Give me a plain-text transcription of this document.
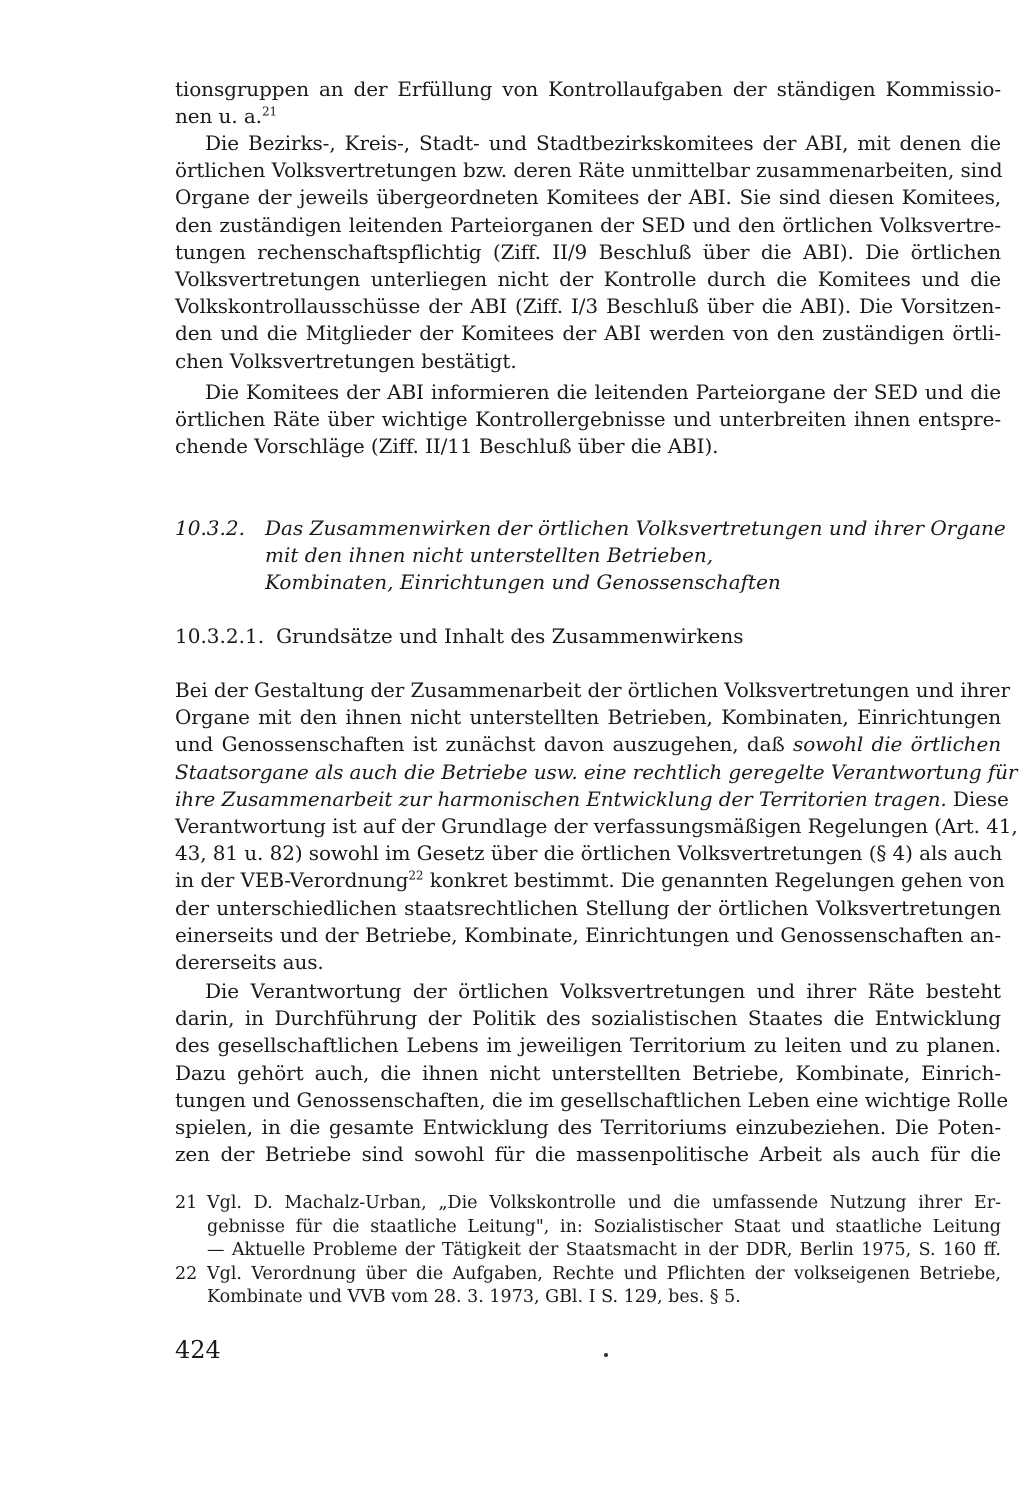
tionsgruppen an der Erfüllung von Kontrollaufgaben der ständigen Kommissio-
nen u. a.$^{21}$
Die Bezirks-, Kreis-, Stadt- und Stadtbezirkskomitees der ABI, mit denen die
örtlichen Volksvertretungen bzw. deren Räte unmittelbar zusammenarbeiten, sind
Organe der jeweils übergeordneten Komitees der ABI. Sie sind diesen Komitees,
den zuständigen leitenden Parteiorganen der SED und den örtlichen Volksvertre-
tungen rechenschaftspflichtig (Ziff. II/9 Beschluß über die ABI). Die örtlichen
Volksvertretungen unterliegen nicht der Kontrolle durch die Komitees und die
Volkskontrollausschüsse der ABI (Ziff. I/3 Beschluß über die ABI). Die Vorsitzen-
den und die Mitglieder der Komitees der ABI werden von den zuständigen örtli-
chen Volksvertretungen bestätigt.
Die Komitees der ABI informieren die leitenden Parteiorgane der SED und die
örtlichen Räte über wichtige Kontrollergebnisse und unterbreiten ihnen entspre-
chende Vorschläge (Ziff. II/11 Beschluß über die ABI).
10.3.2. Das Zusammenwirken der örtlichen Volksvertretungen und ihrer Organe
mit den ihnen nicht unterstellten Betrieben,
Kombinaten, Einrichtungen und Genossenschaften
10.3.2.1. Grundsätze und Inhalt des Zusammenwirkens
Bei der Gestaltung der Zusammenarbeit der örtlichen Volksvertretungen und ihrer
Organe mit den ihnen nicht unterstellten Betrieben, Kombinaten, Einrichtungen
und Genossenschaften ist zunächst davon auszugehen, daß sowohl die örtlichen
Staatsorgane als auch die Betriebe usw. eine rechtlich geregelte Verantwortung für
ihre Zusammenarbeit zur harmonischen Entwicklung der Territorien tragen. Diese
Verantwortung ist auf der Grundlage der verfassungsmäßigen Regelungen (Art. 41,
43, 81 u. 82) sowohl im Gesetz über die örtlichen Volksvertretungen (§ 4) als auch
in der VEB-Verordnung$^{22}$ konkret bestimmt. Die genannten Regelungen gehen von
der unterschiedlichen staatsrechtlichen Stellung der örtlichen Volksvertretungen
einerseits und der Betriebe, Kombinate, Einrichtungen und Genossenschaften an-
dererseits aus.
Die Verantwortung der örtlichen Volksvertretungen und ihrer Räte besteht
darin, in Durchführung der Politik des sozialistischen Staates die Entwicklung
des gesellschaftlichen Lebens im jeweiligen Territorium zu leiten und zu planen.
Dazu gehört auch, die ihnen nicht unterstellten Betriebe, Kombinate, Einrich-
tungen und Genossenschaften, die im gesellschaftlichen Leben eine wichtige Rolle
spielen, in die gesamte Entwicklung des Territoriums einzubeziehen. Die Poten-
zen der Betriebe sind sowohl für die massenpolitische Arbeit als auch für die
21 Vgl. D. Machalz-Urban, „Die Volkskontrolle und die umfassende Nutzung ihrer Er-
gebnisse für die staatliche Leitung", in: Sozialistischer Staat und staatliche Leitung
— Aktuelle Probleme der Tätigkeit der Staatsmacht in der DDR, Berlin 1975, S. 160 ff.
22 Vgl. Verordnung über die Aufgaben, Rechte und Pflichten der volkseigenen Betriebe,
Kombinate und VVB vom 28. 3. 1973, GBl. I S. 129, bes. § 5.
424
